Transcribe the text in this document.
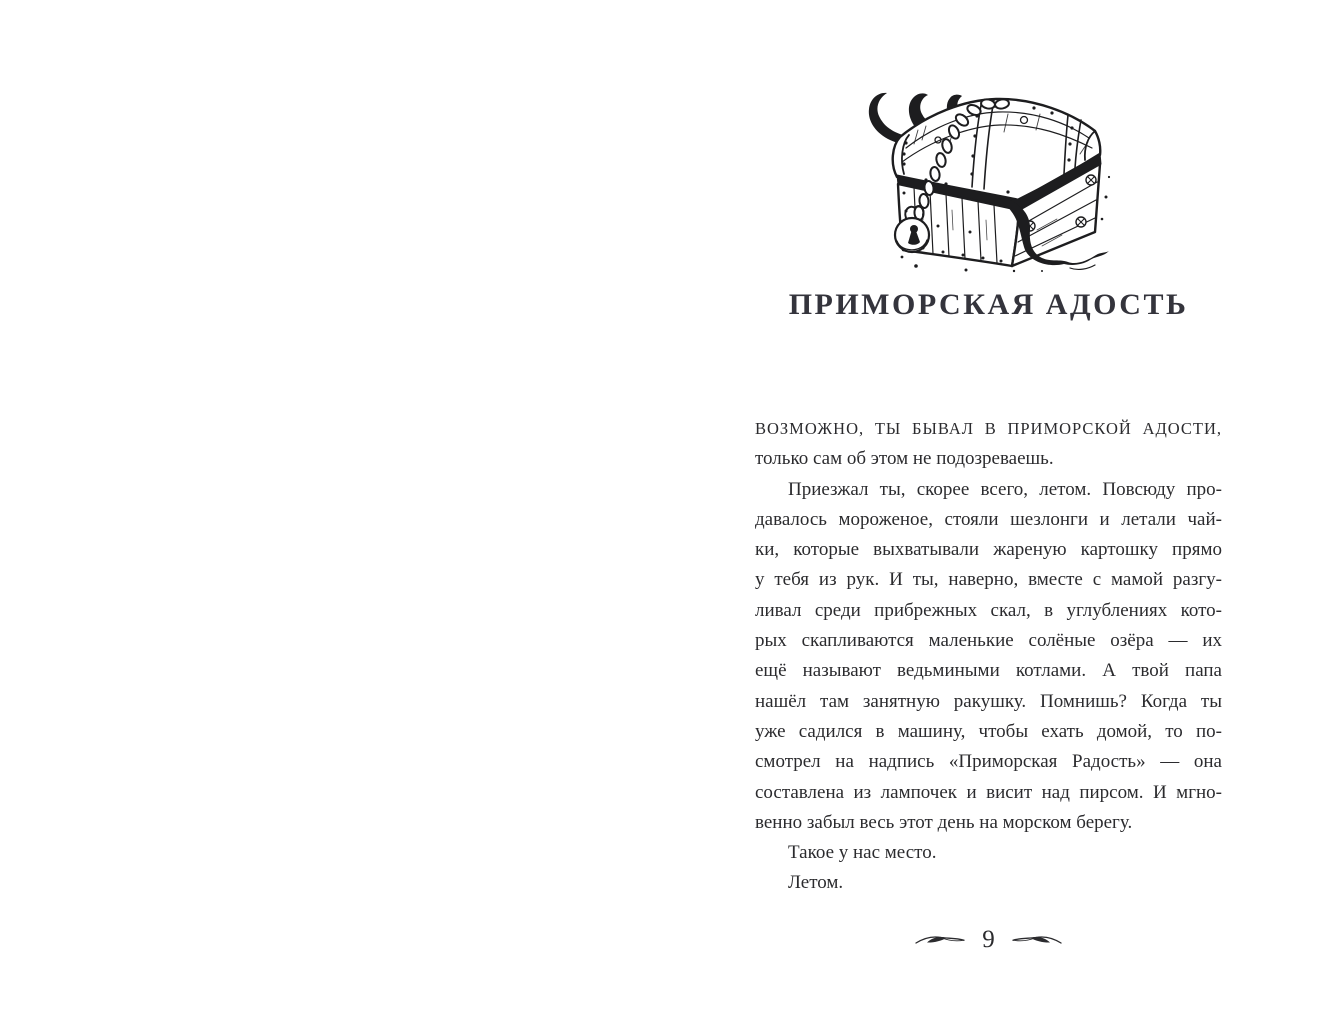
ПРИМОРСКАЯ АДОСТЬ
ВОЗМОЖНО, ТЫ БЫВАЛ В ПРИМОРСКОЙ АДОСТИ,
только сам об этом не подозреваешь.
Приезжал ты, скорее всего, летом. Повсюду про-
давалось мороженое, стояли шезлонги и летали чай-
ки, которые выхватывали жареную картошку прямо
у тебя из рук. И ты, наверно, вместе с мамой разгу-
ливал среди прибрежных скал, в углублениях кото-
рых скапливаются маленькие солёные озёра — их
ещё называют ведьмиными котлами. А твой папа
нашёл там занятную ракушку. Помнишь? Когда ты
уже садился в машину, чтобы ехать домой, то по-
смотрел на надпись «Приморская Радость» — она
составлена из лампочек и висит над пирсом. И мгно-
венно забыл весь этот день на морском берегу.
Такое у нас место.
Летом.
9
